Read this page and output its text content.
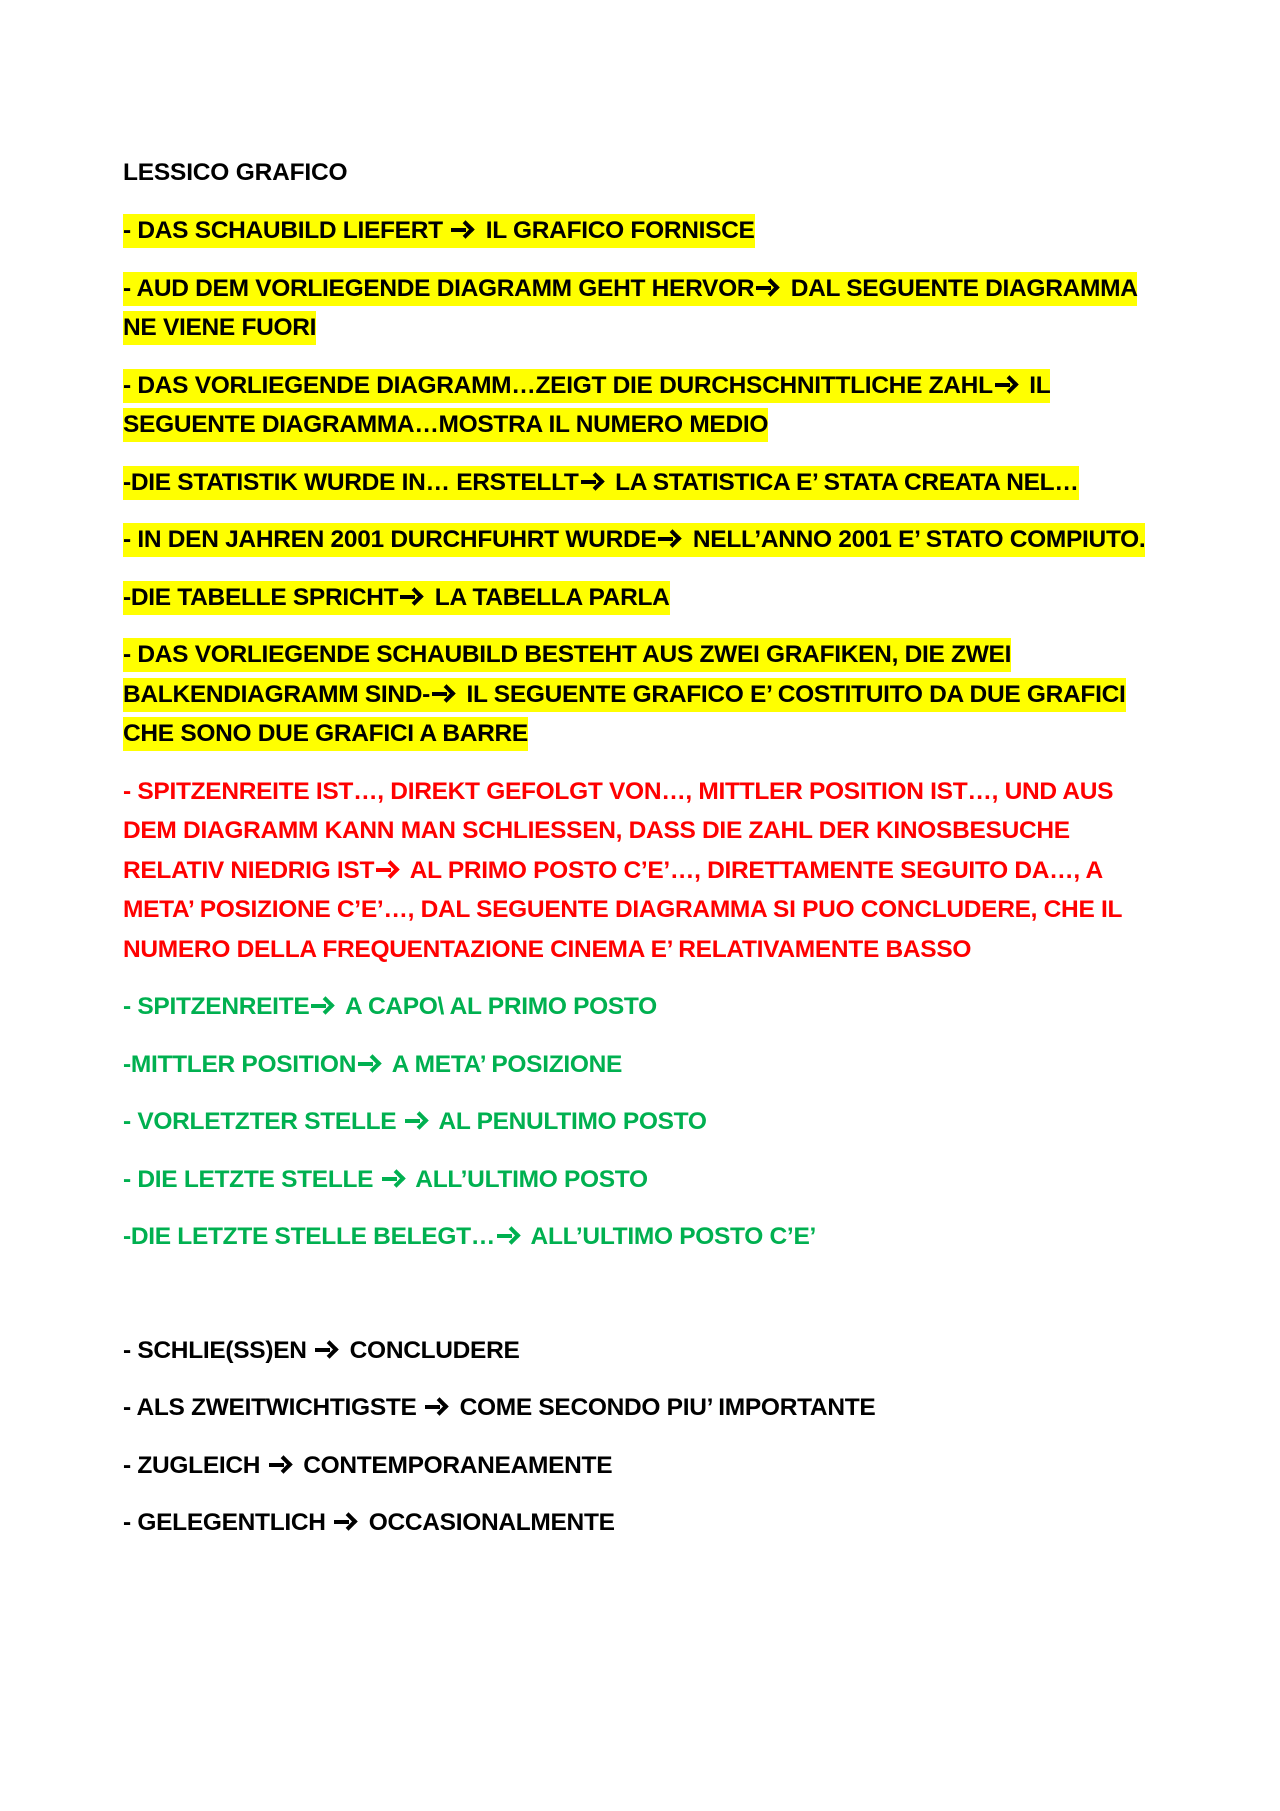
LESSICO GRAFICO
- DAS SCHAUBILD LIEFERT  IL GRAFICO FORNISCE
- AUD DEM VORLIEGENDE DIAGRAMM GEHT HERVOR DAL SEGUENTE DIAGRAMMA NE VIENE FUORI
- DAS VORLIEGENDE DIAGRAMM…ZEIGT DIE DURCHSCHNITTLICHE ZAHL IL SEGUENTE DIAGRAMMA…MOSTRA IL NUMERO MEDIO
-DIE STATISTIK WURDE IN… ERSTELLT LA STATISTICA E’ STATA CREATA NEL…
- IN DEN JAHREN 2001 DURCHFUHRT WURDE NELL’ANNO 2001 E’ STATO COMPIUTO.
-DIE TABELLE SPRICHT LA TABELLA PARLA
- DAS VORLIEGENDE SCHAUBILD BESTEHT AUS ZWEI GRAFIKEN, DIE ZWEI BALKENDIAGRAMM SIND- IL SEGUENTE GRAFICO E’ COSTITUITO DA DUE GRAFICI CHE SONO DUE GRAFICI A BARRE
- SPITZENREITE IST…, DIREKT GEFOLGT VON…, MITTLER POSITION IST…, UND AUS DEM DIAGRAMM KANN MAN SCHLIESSEN, DASS DIE ZAHL DER KINOSBESUCHE RELATIV NIEDRIG IST AL PRIMO POSTO C’E’…, DIRETTAMENTE SEGUITO DA…, A META’ POSIZIONE C’E’…, DAL SEGUENTE DIAGRAMMA SI PUO CONCLUDERE, CHE IL NUMERO DELLA FREQUENTAZIONE CINEMA E’ RELATIVAMENTE BASSO
- SPITZENREITE A CAPO\ AL PRIMO POSTO
-MITTLER POSITION A META’ POSIZIONE
- VORLETZTER STELLE  AL PENULTIMO POSTO
- DIE LETZTE STELLE  ALL’ULTIMO POSTO
-DIE LETZTE STELLE BELEGT… ALL’ULTIMO POSTO C’E’
- SCHLIE(SS)EN  CONCLUDERE
- ALS ZWEITWICHTIGSTE  COME SECONDO PIU’ IMPORTANTE
- ZUGLEICH  CONTEMPORANEAMENTE
- GELEGENTLICH  OCCASIONALMENTE
